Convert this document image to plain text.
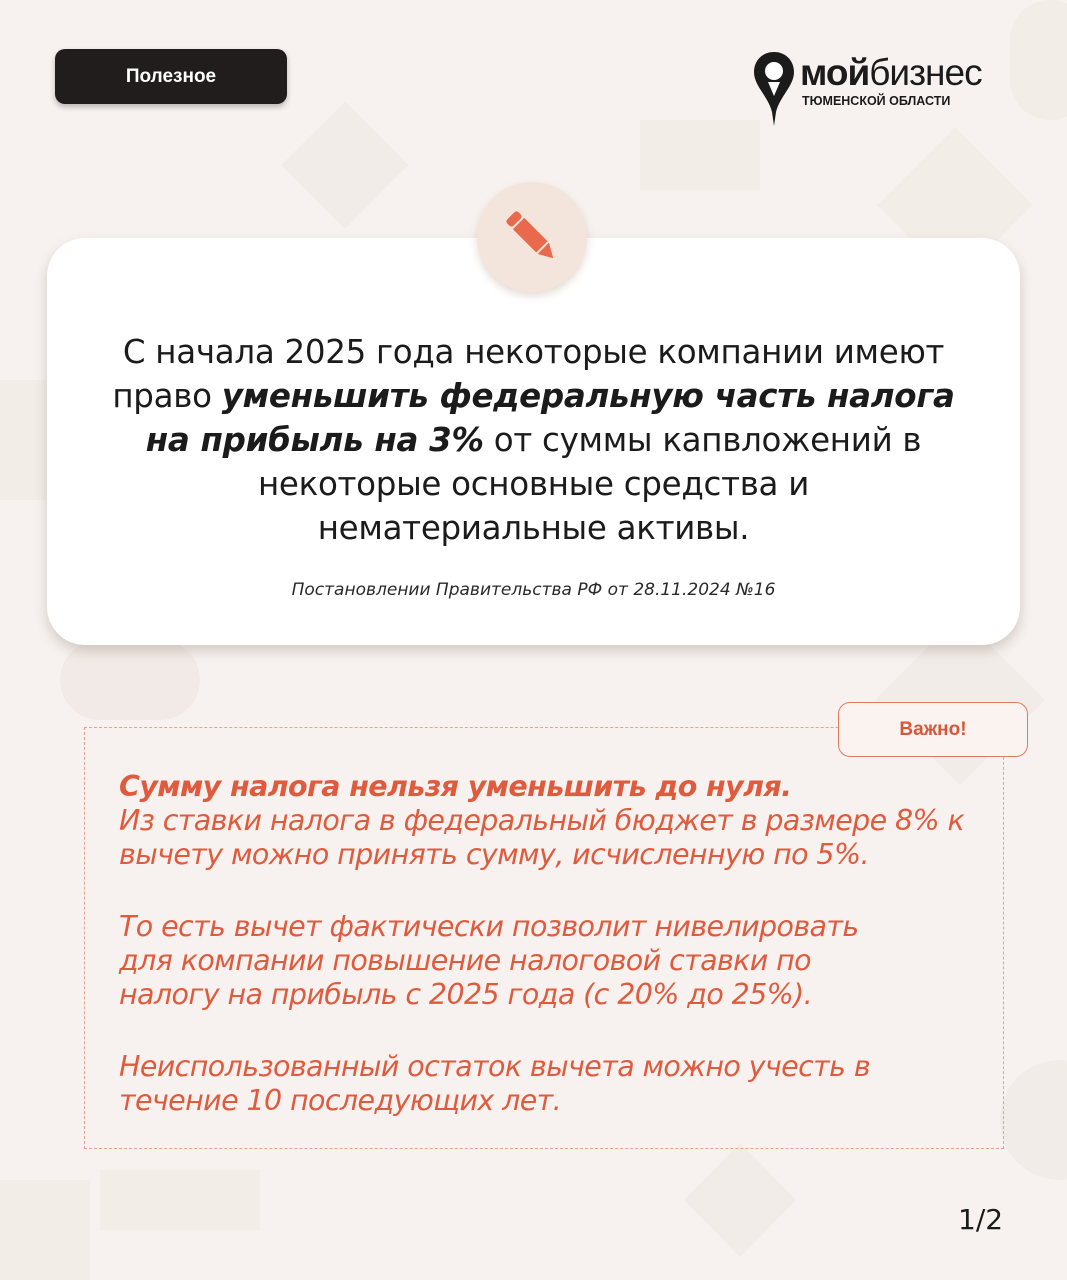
Полезное	мойбизнес
ТЮМЕНСКОЙ ОБЛАСТИ
С начала 2025 года некоторые компании имеют право уменьшить федеральную часть налога на прибыль на 3% от суммы капвложений в некоторые основные средства и нематериальные активы.
Постановлении Правительства РФ от 28.11.2024 №16
Важно!
Сумму налога нельзя уменьшить до нуля.
Из ставки налога в федеральный бюджет в размере 8% к вычету можно принять сумму, исчисленную по 5%.
То есть вычет фактически позволит нивелировать для компании повышение налоговой ставки по налогу на прибыль с 2025 года (с 20% до 25%).
Неиспользованный остаток вычета можно учесть в течение 10 последующих лет.
1/2
